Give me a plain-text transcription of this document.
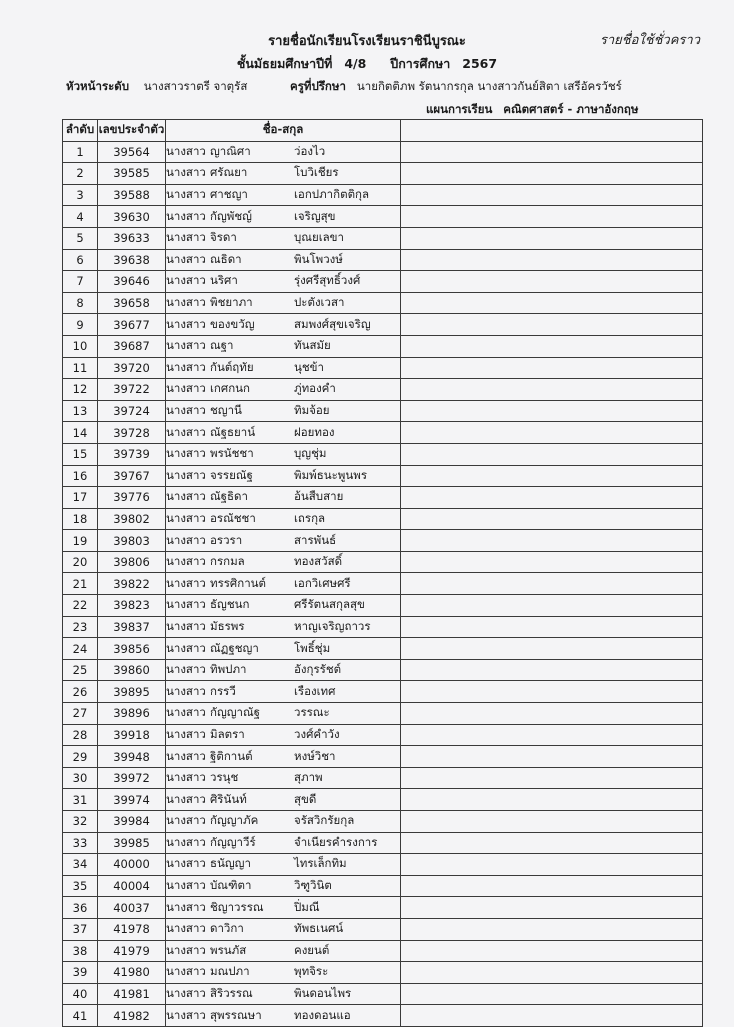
รายชื่อนักเรียนโรงเรียนราชินีบูรณะ	รายชื่อใช้ชั่วคราว
ชั้นมัธยมศึกษาปีที่ 4/8 ปีการศึกษา 2567
หัวหน้าระดับ นางสาวราตรี จาตุรัส	ครูที่ปรึกษา นายกิตติภพ รัตนากรกุล นางสาวกันย์สิตา เสรีอัครวัชร์
แผนการเรียน คณิตศาสตร์ - ภาษาอังกฤษ
ลำดับ	เลขประจำตัว	ชื่อ-สกุล	
1	39564	นางสาว ญาณิศา ว่องไว	
2	39585	นางสาว ศรัณยา โบวิเชียร	
3	39588	นางสาว ศาชญา เอกปภากิตติกุล	
4	39630	นางสาว กัญพัชญ์ เจริญสุข	
5	39633	นางสาว จิรดา บุณยเลขา	
6	39638	นางสาว ณธิดา พินโพวงษ์	
7	39646	นางสาว นริศา รุ่งศรีสุทธิ์วงศ์	
8	39658	นางสาว พิชยาภา ปะตังเวสา	
9	39677	นางสาว ของขวัญ สมพงศ์สุขเจริญ	
10	39687	นางสาว ณฐา ทันสมัย	
11	39720	นางสาว กันต์ฤทัย นุชข้า	
12	39722	นางสาว เกศกนก ภู่ทองคำ	
13	39724	นางสาว ชญานี ทิมจ้อย	
14	39728	นางสาว ณัฐธยาน์ ฝอยทอง	
15	39739	นางสาว พรนัชชา บุญชุ่ม	
16	39767	นางสาว จรรยณัฐ พิมพ์ธนะพูนพร	
17	39776	นางสาว ณัฐธิดา อ้นสืบสาย	
18	39802	นางสาว อรณัชชา เถรกุล	
19	39803	นางสาว อรวรา สารพันธ์	
20	39806	นางสาว กรกมล ทองสวัสดิ์	
21	39822	นางสาว ทรรศิกานต์ เอกวิเศษศรี	
22	39823	นางสาว ธัญชนก ศรีรัตนสกุลสุข	
23	39837	นางสาว มัธรพร หาญเจริญถาวร	
24	39856	นางสาว ณัฏฐชญา โพธิ์ชุ่ม	
25	39860	นางสาว ทิพปภา อังกุรรัชต์	
26	39895	นางสาว กรรวี เรืองเทศ	
27	39896	นางสาว กัญญาณัฐ วรรณะ	
28	39918	นางสาว มิลตรา วงศ์คำวัง	
29	39948	นางสาว ฐิติกานต์ หงษ์วิชา	
30	39972	นางสาว วรนุช สุภาพ	
31	39974	นางสาว ศิรินันท์ สุขดี	
32	39984	นางสาว กัญญาภัค จรัสวิกรัยกุล	
33	39985	นางสาว กัญญาวีร์ จำเนียรคำรงการ	
34	40000	นางสาว ธนัญญา ไทรเล็กทิม	
35	40004	นางสาว บัณฑิตา วิฑูวินิต	
36	40037	นางสาว ชิญาวรรณ ปิ่มณี	
37	41978	นางสาว ดาวิกา ทัพธเนศน์	
38	41979	นางสาว พรนภัส คงยนต์	
39	41980	นางสาว มณปภา พุทจิระ	
40	41981	นางสาว สิริวรรณ พินดอนไพร	
41	41982	นางสาว สุพรรณษา ทองดอนแอ	
